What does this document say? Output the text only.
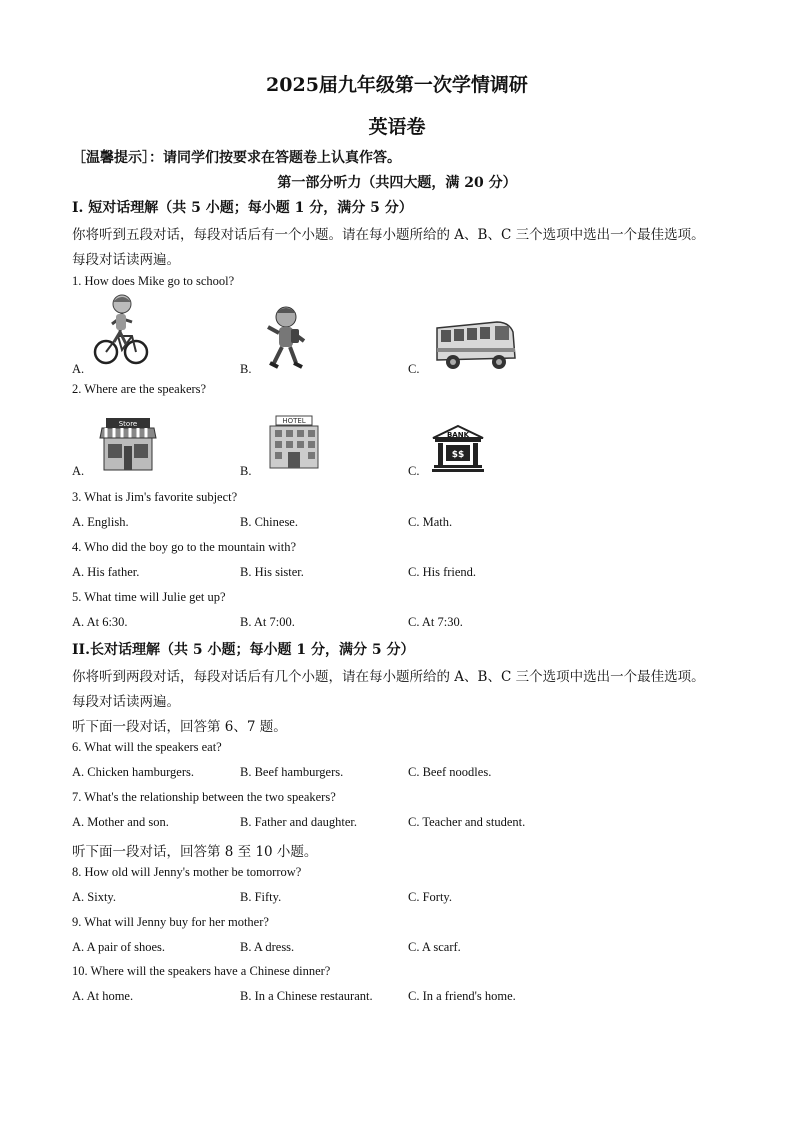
2025届九年级第一次学情调研
英语卷
［温馨提示］：请同学们按要求在答题卷上认真作答。
第一部分听力（共四大题，满 20 分）
I. 短对话理解（共 5 小题；每小题 1 分，满分 5 分）
你将听到五段对话，每段对话后有一个小题。请在每小题所给的 A、B、C 三个选项中选出一个最佳选项。
每段对话读两遍。
1. How does Mike go to school?
A.	B.	C.
2. Where are the speakers?
Store	HOTEL
BANK
$$
A.	B.	C.
3. What is Jim's favorite subject?
A. English.	B. Chinese.	C. Math.
4. Who did the boy go to the mountain with?
A. His father.	B. His sister.	C. His friend.
5. What time will Julie get up?
A. At 6:30.	B. At 7:00.	C. At 7:30.
II.长对话理解（共 5 小题；每小题 1 分，满分 5 分）
你将听到两段对话，每段对话后有几个小题，请在每小题所给的 A、B、C 三个选项中选出一个最佳选项。
每段对话读两遍。
听下面一段对话，回答第 6、7 题。
6. What will the speakers eat?
A. Chicken hamburgers.	B. Beef hamburgers.	C. Beef noodles.
7. What's the relationship between the two speakers?
A. Mother and son.	B. Father and daughter.	C. Teacher and student.
听下面一段对话，回答第 8 至 10 小题。
8. How old will Jenny's mother be tomorrow?
A. Sixty.	B. Fifty.	C. Forty.
9. What will Jenny buy for her mother?
A. A pair of shoes.	B. A dress.	C. A scarf.
10. Where will the speakers have a Chinese dinner?
A. At home.	B. In a Chinese restaurant.	C. In a friend's home.
